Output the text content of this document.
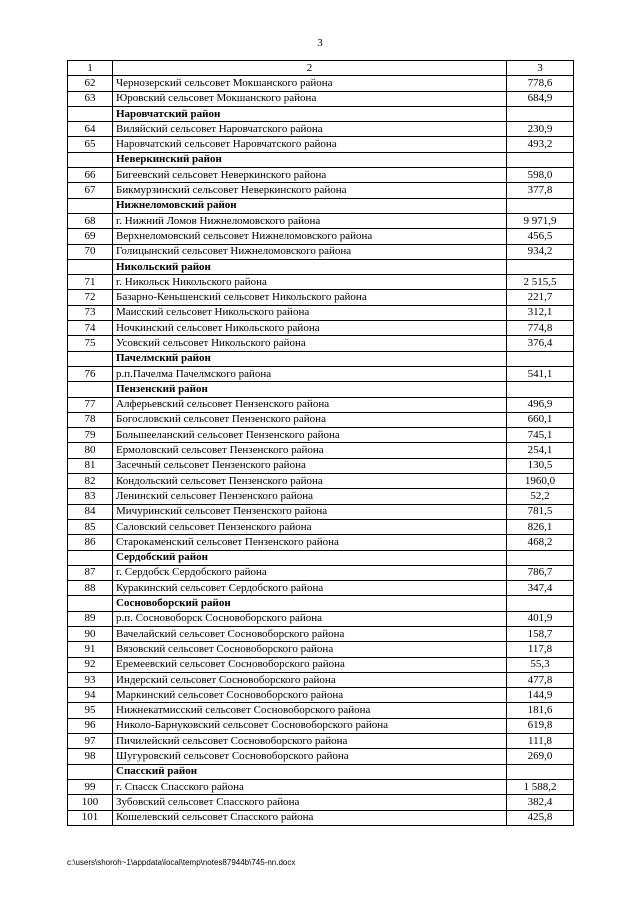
3
1	2	3
62	Чернозерский сельсовет Мокшанского района	778,6
63	Юровский сельсовет Мокшанского района	684,9
	Наровчатский район	
64	Виляйский сельсовет Наровчатского района	230,9
65	Наровчатский сельсовет Наровчатского района	493,2
	Неверкинский район	
66	Бигеевский сельсовет Неверкинского района	598,0
67	Бикмурзинский сельсовет Неверкинского района	377,8
	Нижнеломовский район	
68	г. Нижний Ломов Нижнеломовского района	9 971,9
69	Верхнеломовский сельсовет Нижнеломовского района	456,5
70	Голицынский сельсовет Нижнеломовского района	934,2
	Никольский район	
71	г. Никольск Никольского района	2 515,5
72	Базарно-Кеньшенский сельсовет Никольского района	221,7
73	Маисский сельсовет Никольского района	312,1
74	Ночкинский сельсовет Никольского района	774,8
75	Усовский сельсовет Никольского района	376,4
	Пачелмский район	
76	р.п.Пачелма Пачелмского района	541,1
	Пензенский район	
77	Алферьевский сельсовет Пензенского района	496,9
78	Богословский сельсовет Пензенского района	660,1
79	Большееланский сельсовет Пензенского района	745,1
80	Ермоловский сельсовет Пензенского района	254,1
81	Засечный сельсовет Пензенского района	130,5
82	Кондольский сельсовет Пензенского района	1960,0
83	Ленинский сельсовет Пензенского района	52,2
84	Мичуринский сельсовет Пензенского района	781,5
85	Саловский сельсовет Пензенского района	826,1
86	Старокаменский сельсовет Пензенского района	468,2
	Сердобский район	
87	г. Сердобск Сердобского района	786,7
88	Куракинский сельсовет Сердобского района	347,4
	Сосновоборский район	
89	р.п. Сосновоборск Сосновоборского района	401,9
90	Вачелайский сельсовет Сосновоборского района	158,7
91	Вязовский сельсовет Сосновоборского района	117,8
92	Еремеевский сельсовет Сосновоборского района	55,3
93	Индерский сельсовет Сосновоборского района	477,8
94	Маркинский сельсовет Сосновоборского района	144,9
95	Нижнекатмисский сельсовет Сосновоборского района	181,6
96	Николо-Барнуковский сельсовет Сосновоборского района	619,8
97	Пичилейский сельсовет Сосновоборского района	111,8
98	Шугуровский сельсовет Сосновоборского района	269,0
	Спасский район	
99	г. Спасск Спасского района	1 588,2
100	Зубовский сельсовет Спасского района	382,4
101	Кошелевский сельсовет Спасского района	425,8
c:\users\shoroh~1\appdata\local\temp\notes87944b\745-nn.docx
